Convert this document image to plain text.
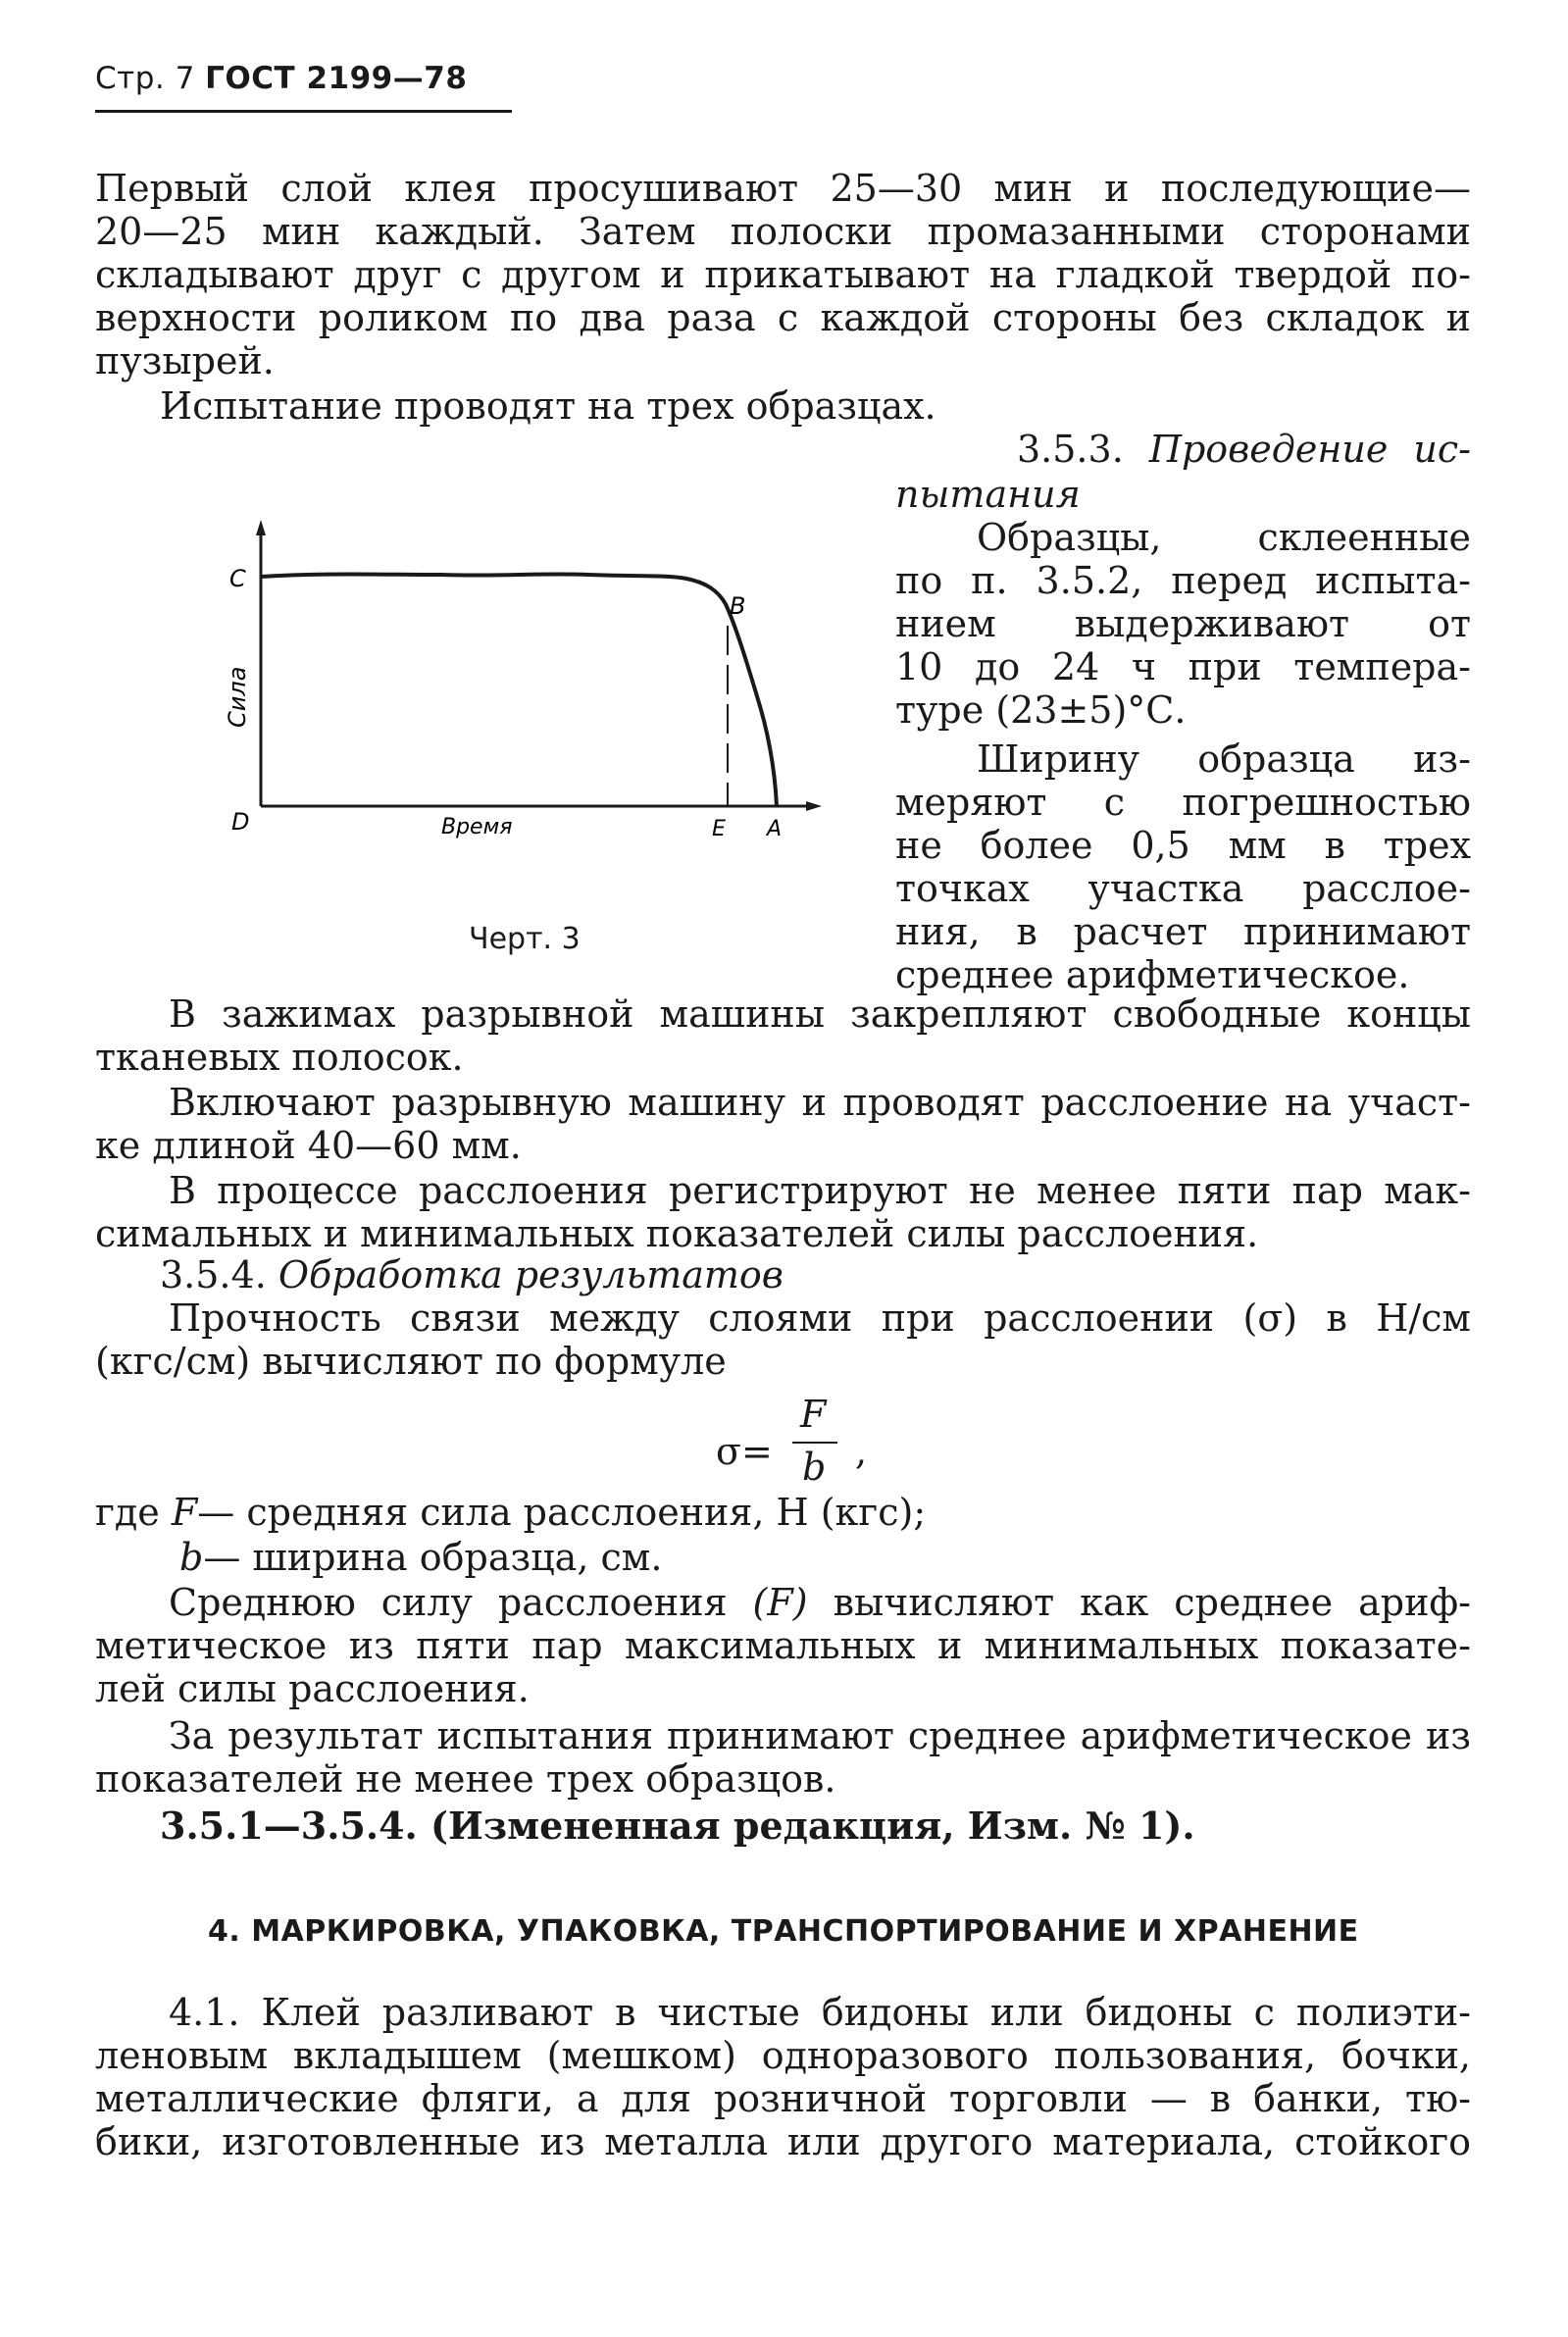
Стр. 7 ГОСТ 2199—78
Первый слой клея просушивают 25—30 мин и последующие—
20—25 мин каждый. Затем полоски промазанными сторонами
складывают друг с другом и прикатывают на гладкой твердой по-
верхности роликом по два раза с каждой стороны без складок и
пузырей.
Испытание проводят на трех образцах.
3.5.3. Проведение ис-
пытания
Образцы, склеенные
по п. 3.5.2, перед испыта-
нием выдерживают от
10 до 24 ч при темпера-
туре (23±5)°С.
Ширину образца из-
меряют с погрешностью
не более 0,5 мм в трех
точках участка расслое-
ния, в расчет принимают
среднее арифметическое.
C
B
D	E A
Время
Сила
Черт. 3
В зажимах разрывной машины закрепляют свободные концы
тканевых полосок.
Включают разрывную машину и проводят расслоение на участ-
ке длиной 40—60 мм.
В процессе расслоения регистрируют не менее пяти пар мак-
симальных и минимальных показателей силы расслоения.
3.5.4. Обработка результатов
Прочность связи между слоями при расслоении (σ) в Н/см
(кгс/см) вычисляют по формуле
σ=
F
b ,
где F— средняя сила расслоения, Н (кгс);
b— ширина образца, см.
Среднюю силу расслоения (F) вычисляют как среднее ариф-
метическое из пяти пар максимальных и минимальных показате-
лей силы расслоения.
За результат испытания принимают среднее арифметическое из
показателей не менее трех образцов.
3.5.1—3.5.4. (Измененная редакция, Изм. № 1).
4. МАРКИРОВКА, УПАКОВКА, ТРАНСПОРТИРОВАНИЕ И ХРАНЕНИЕ
4.1. Клей разливают в чистые бидоны или бидоны с полиэти-
леновым вкладышем (мешком) одноразового пользования, бочки,
металлические фляги, а для розничной торговли — в банки, тю-
бики, изготовленные из металла или другого материала, стойкого
